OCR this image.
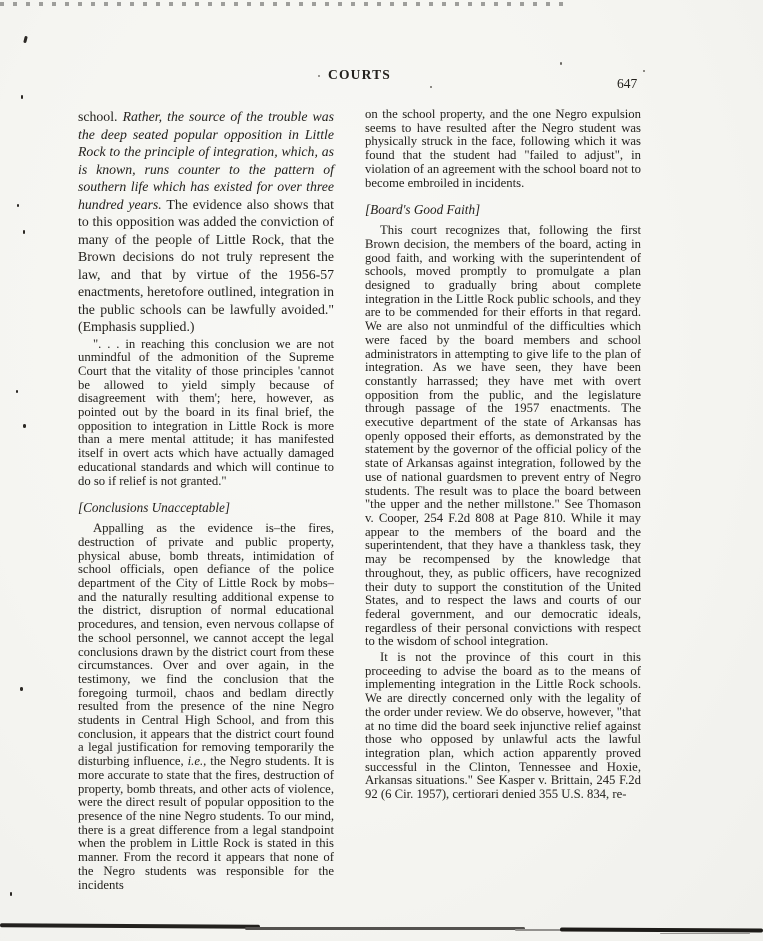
COURTS
647

school. Rather, the source of the trouble was the deep seated popular opposition in Little Rock to the principle of integration, which, as is known, runs counter to the pattern of southern life which has existed for over three hundred years. The evidence also shows that to this opposition was added the conviction of many of the people of Little Rock, that the Brown decisions do not truly represent the law, and that by virtue of the 1956-57 enactments, heretofore outlined, integration in the public schools can be lawfully avoided." (Emphasis supplied.)

". . . in reaching this conclusion we are not unmindful of the admonition of the Supreme Court that the vitality of those principles 'cannot be allowed to yield simply because of disagreement with them'; here, however, as pointed out by the board in its final brief, the opposition to integration in Little Rock is more than a mere mental attitude; it has manifested itself in overt acts which have actually damaged educational standards and which will continue to do so if relief is not granted."

[Conclusions Unacceptable]

Appalling as the evidence is–the fires, destruction of private and public property, physical abuse, bomb threats, intimidation of school officials, open defiance of the police department of the City of Little Rock by mobs–and the naturally resulting additional expense to the district, disruption of normal educational procedures, and tension, even nervous collapse of the school personnel, we cannot accept the legal conclusions drawn by the district court from these circumstances. Over and over again, in the testimony, we find the conclusion that the foregoing turmoil, chaos and bedlam directly resulted from the presence of the nine Negro students in Central High School, and from this conclusion, it appears that the district court found a legal justification for removing temporarily the disturbing influence, i.e., the Negro students. It is more accurate to state that the fires, destruction of property, bomb threats, and other acts of violence, were the direct result of popular opposition to the presence of the nine Negro students. To our mind, there is a great difference from a legal standpoint when the problem in Little Rock is stated in this manner. From the record it appears that none of the Negro students was responsible for the incidents

on the school property, and the one Negro expulsion seems to have resulted after the Negro student was physically struck in the face, following which it was found that the student had "failed to adjust", in violation of an agreement with the school board not to become embroiled in incidents.

[Board's Good Faith]

This court recognizes that, following the first Brown decision, the members of the board, acting in good faith, and working with the superintendent of schools, moved promptly to promulgate a plan designed to gradually bring about complete integration in the Little Rock public schools, and they are to be commended for their efforts in that regard. We are also not unmindful of the difficulties which were faced by the board members and school administrators in attempting to give life to the plan of integration. As we have seen, they have been constantly harrassed; they have met with overt opposition from the public, and the legislature through passage of the 1957 enactments. The executive department of the state of Arkansas has openly opposed their efforts, as demonstrated by the statement by the governor of the official policy of the state of Arkansas against integration, followed by the use of national guardsmen to prevent entry of Negro students. The result was to place the board between "the upper and the nether millstone." See Thomason v. Cooper, 254 F.2d 808 at Page 810. While it may appear to the members of the board and the superintendent, that they have a thankless task, they may be recompensed by the knowledge that throughout, they, as public officers, have recognized their duty to support the constitution of the United States, and to respect the laws and courts of our federal government, and our democratic ideals, regardless of their personal convictions with respect to the wisdom of school integration.

It is not the province of this court in this proceeding to advise the board as to the means of implementing integration in the Little Rock schools. We are directly concerned only with the legality of the order under review. We do observe, however, "that at no time did the board seek injunctive relief against those who opposed by unlawful acts the lawful integration plan, which action apparently proved successful in the Clinton, Tennessee and Hoxie, Arkansas situations." See Kasper v. Brittain, 245 F.2d 92 (6 Cir. 1957), certiorari denied 355 U.S. 834, re-
